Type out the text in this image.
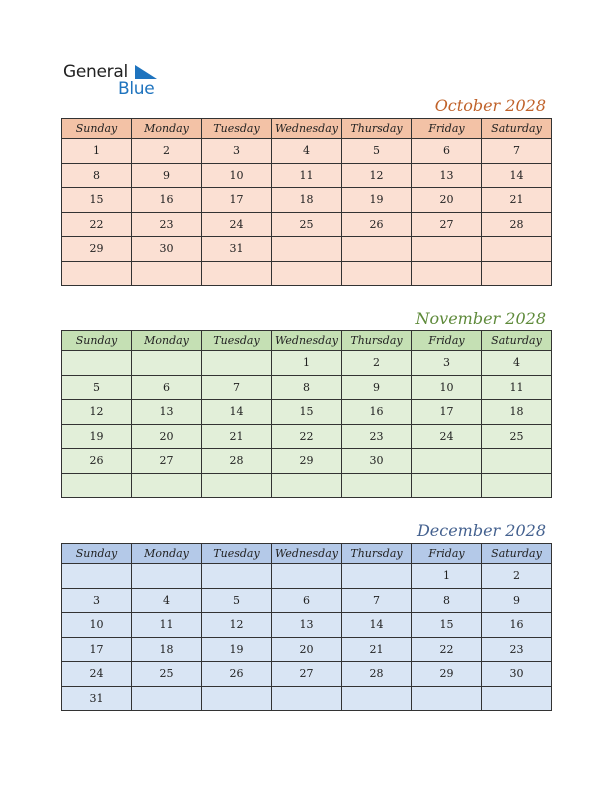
General
Blue
October 2028
Sunday	Monday	Tuesday	Wednesday	Thursday	Friday	Saturday
1	2	3	4	5	6	7
8	9	10	11	12	13	14
15	16	17	18	19	20	21
22	23	24	25	26	27	28
29	30	31				

November 2028
Sunday	Monday	Tuesday	Wednesday	Thursday	Friday	Saturday
			1	2	3	4
5	6	7	8	9	10	11
12	13	14	15	16	17	18
19	20	21	22	23	24	25
26	27	28	29	30		

December 2028
Sunday	Monday	Tuesday	Wednesday	Thursday	Friday	Saturday
					1	2
3	4	5	6	7	8	9
10	11	12	13	14	15	16
17	18	19	20	21	22	23
24	25	26	27	28	29	30
31						
